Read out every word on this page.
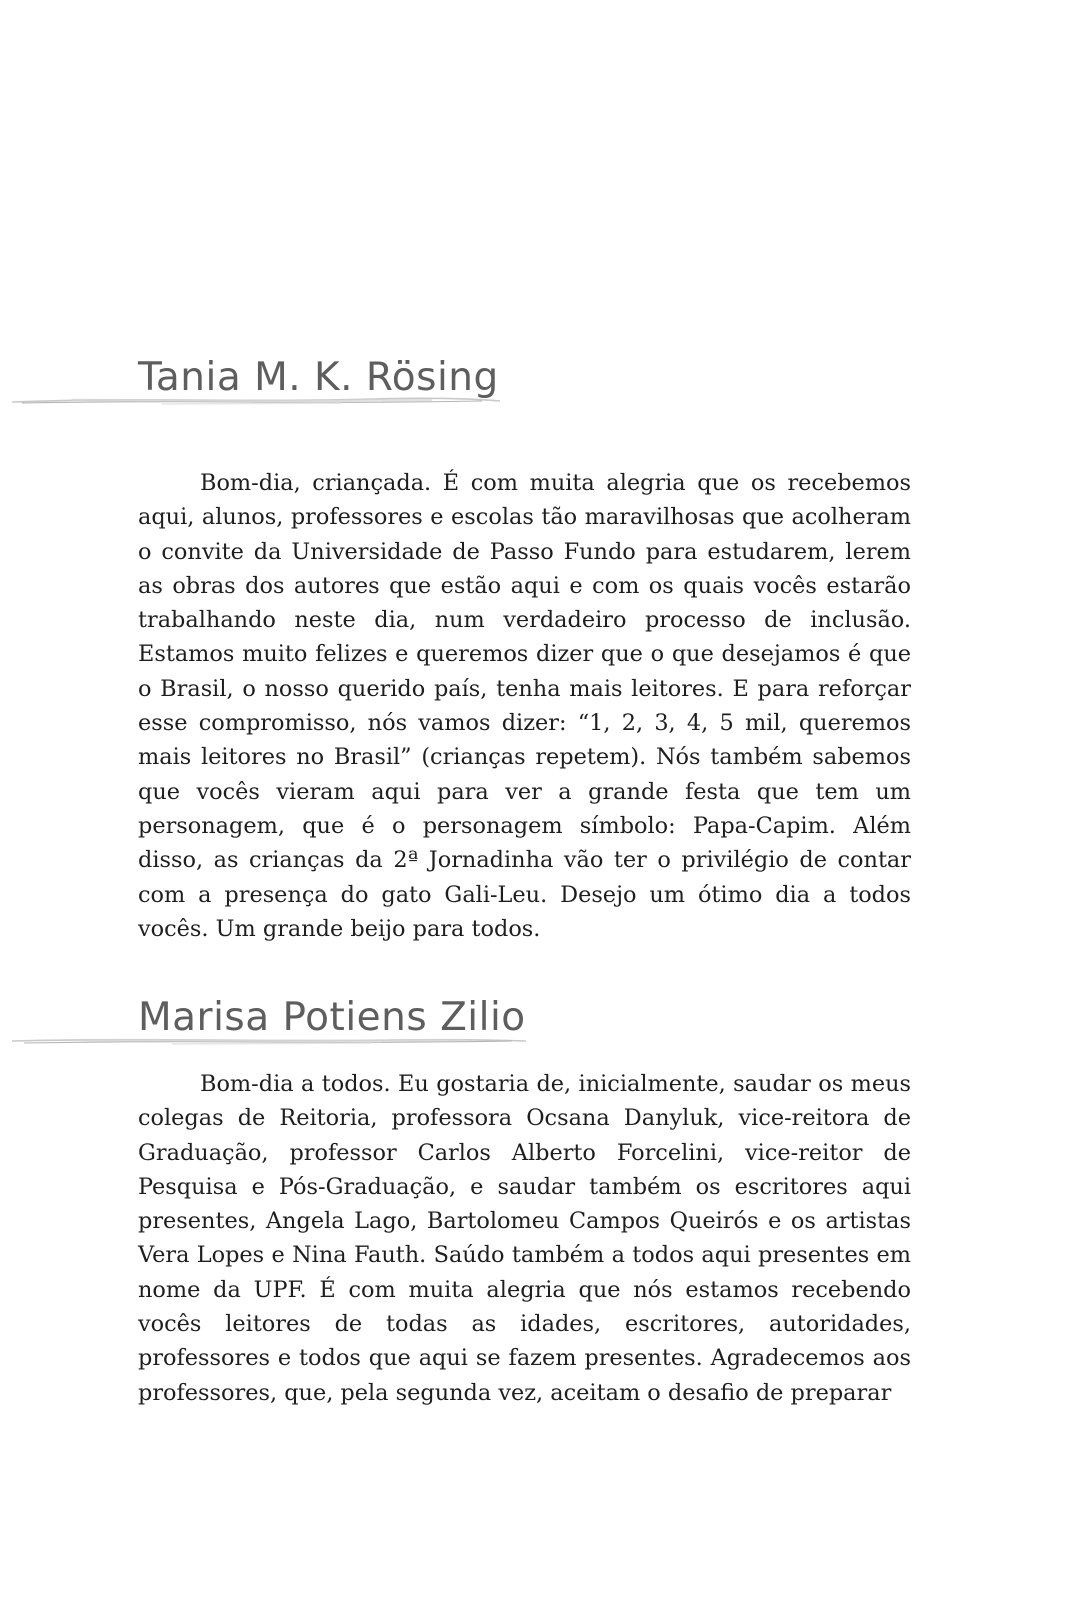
Tania M. K. Rösing

Bom-dia, criançada. É com muita alegria que os recebemos aqui, alunos, professores e escolas tão maravilhosas que acolheram o convite da Universidade de Passo Fundo para estudarem, lerem as obras dos autores que estão aqui e com os quais vocês estarão trabalhando neste dia, num verdadeiro processo de inclusão. Estamos muito felizes e queremos dizer que o que desejamos é que o Brasil, o nosso querido país, tenha mais leitores. E para reforçar esse compromisso, nós vamos dizer: “1, 2, 3, 4, 5 mil, queremos mais leitores no Brasil” (crianças repetem). Nós também sabemos que vocês vieram aqui para ver a grande festa que tem um personagem, que é o personagem símbolo: Papa-Capim. Além disso, as crianças da 2ª Jornadinha vão ter o privilégio de contar com a presença do gato Gali-Leu. Desejo um ótimo dia a todos vocês. Um grande beijo para todos.

Marisa Potiens Zilio

Bom-dia a todos. Eu gostaria de, inicialmente, saudar os meus colegas de Reitoria, professora Ocsana Danyluk, vice-reitora de Graduação, professor Carlos Alberto Forcelini, vice-reitor de Pesquisa e Pós-Graduação, e saudar também os escritores aqui presentes, Angela Lago, Bartolomeu Campos Queirós e os artistas Vera Lopes e Nina Fauth. Saúdo também a todos aqui presentes em nome da UPF. É com muita alegria que nós estamos recebendo vocês leitores de todas as idades, escritores, autoridades, professores e todos que aqui se fazem presentes. Agradecemos aos professores, que, pela segunda vez, aceitam o desafio de preparar
